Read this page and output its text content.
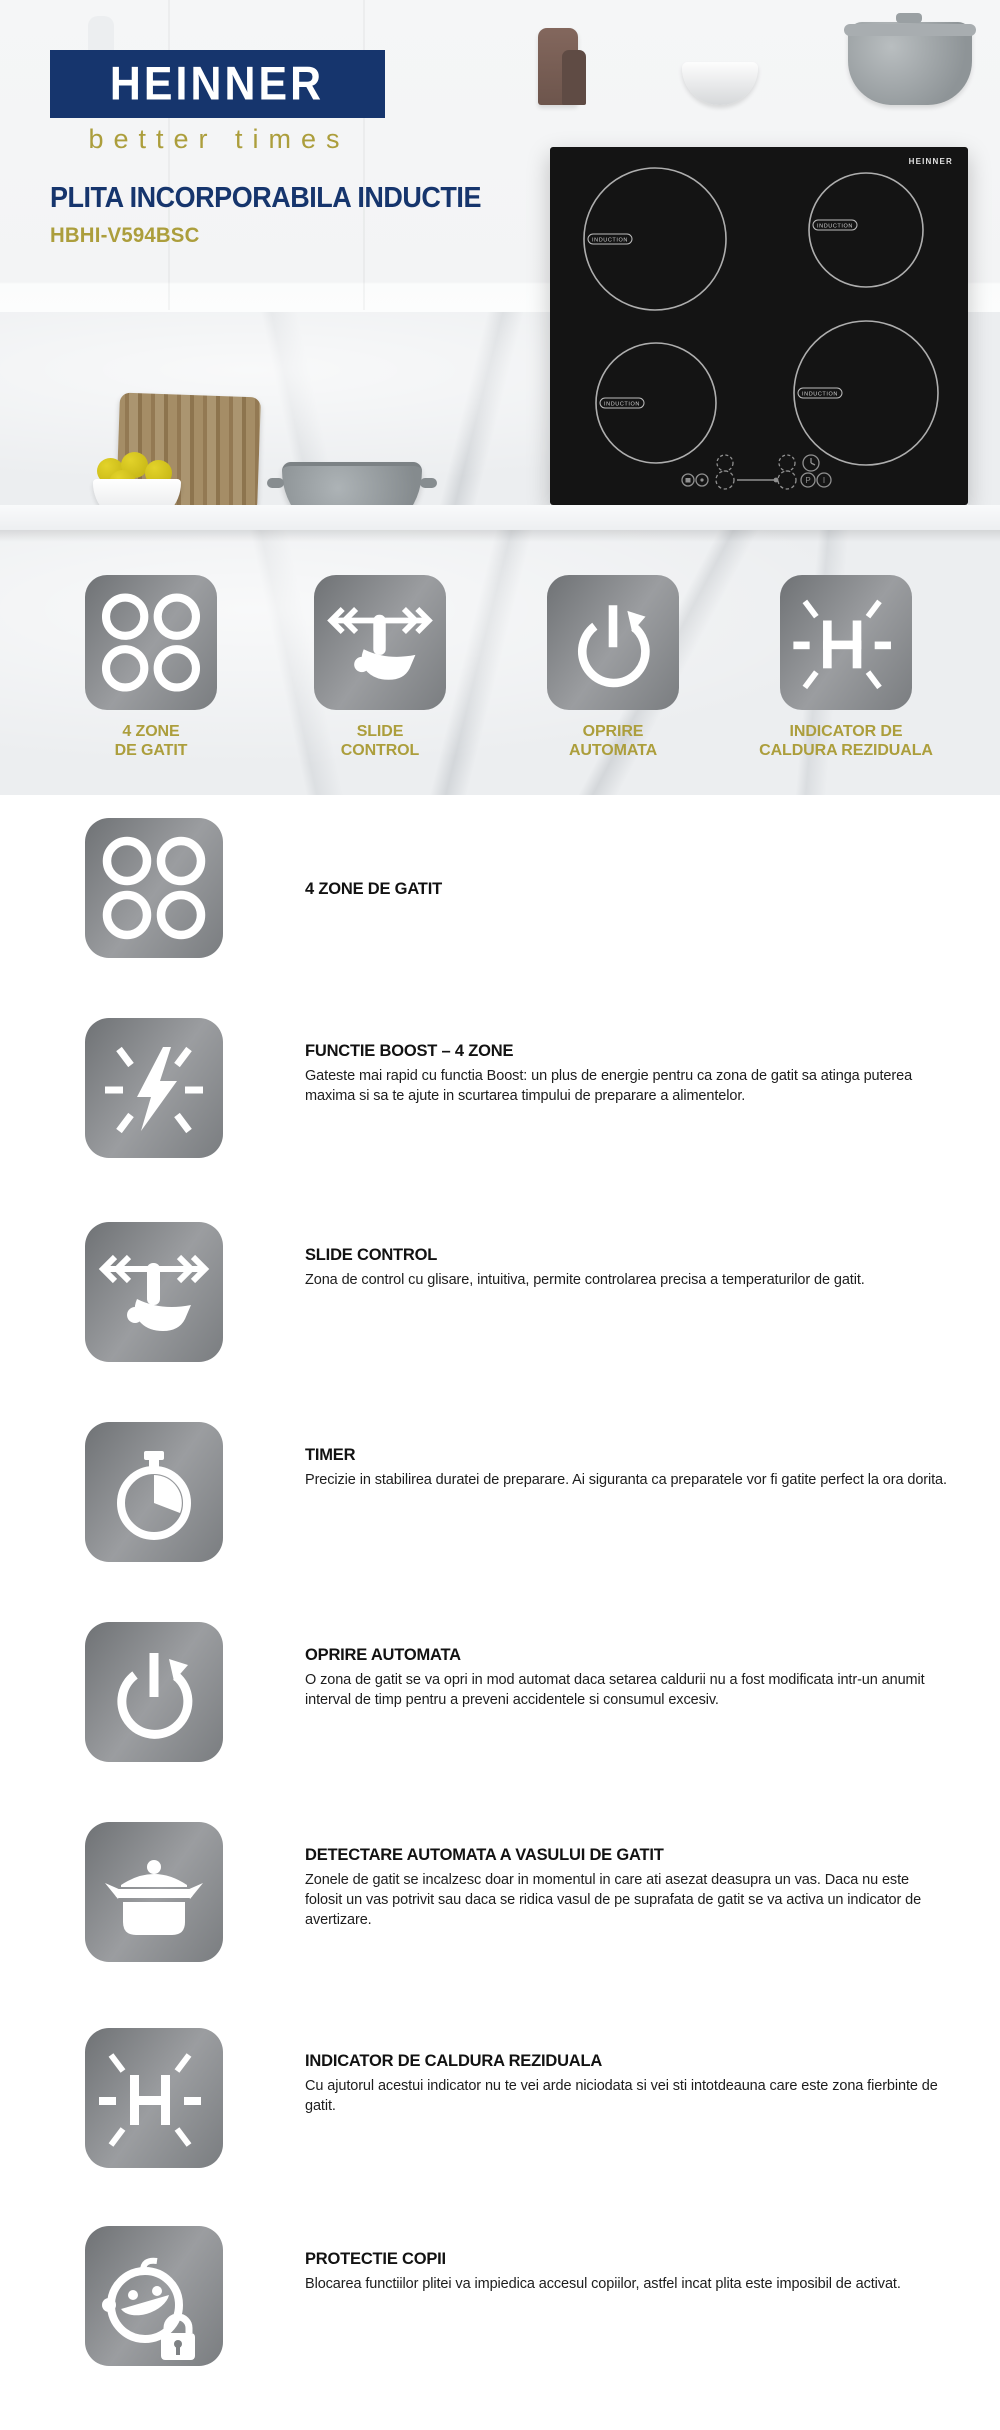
HEINNER
better times
PLITA INCORPORABILA INDUCTIE
HBHI-V594BSC	INDUCTION
INDUCTION
INDUCTION
INDUCTION
HEINNER
P I
4 ZONE
DE GATIT
SLIDE
CONTROL
OPRIRE
AUTOMATA
INDICATOR DE
CALDURA REZIDUALA
4 ZONE DE GATIT
FUNCTIE BOOST – 4 ZONE
Gateste mai rapid cu functia Boost: un plus de energie pentru ca zona de gatit sa atinga puterea maxima si sa te ajute in scurtarea timpului de preparare a alimentelor.
SLIDE CONTROL
Zona de control cu glisare, intuitiva, permite controlarea precisa a temperaturilor de gatit.
TIMER
Precizie in stabilirea duratei de preparare. Ai siguranta ca preparatele vor fi gatite perfect la ora dorita.
OPRIRE AUTOMATA
O zona de gatit se va opri in mod automat daca setarea caldurii nu a fost modificata intr-un anumit interval de timp pentru a preveni accidentele si consumul excesiv.
DETECTARE AUTOMATA A VASULUI DE GATIT
Zonele de gatit se incalzesc doar in momentul in care ati asezat deasupra un vas. Daca nu este folosit un vas potrivit sau daca se ridica vasul de pe suprafata de gatit se va activa un indicator de avertizare.
INDICATOR DE CALDURA REZIDUALA
Cu ajutorul acestui indicator nu te vei arde niciodata si vei sti intotdeauna care este zona fierbinte de gatit.
PROTECTIE COPII
Blocarea functiilor plitei va impiedica accesul copiilor, astfel incat plita este imposibil de activat.
